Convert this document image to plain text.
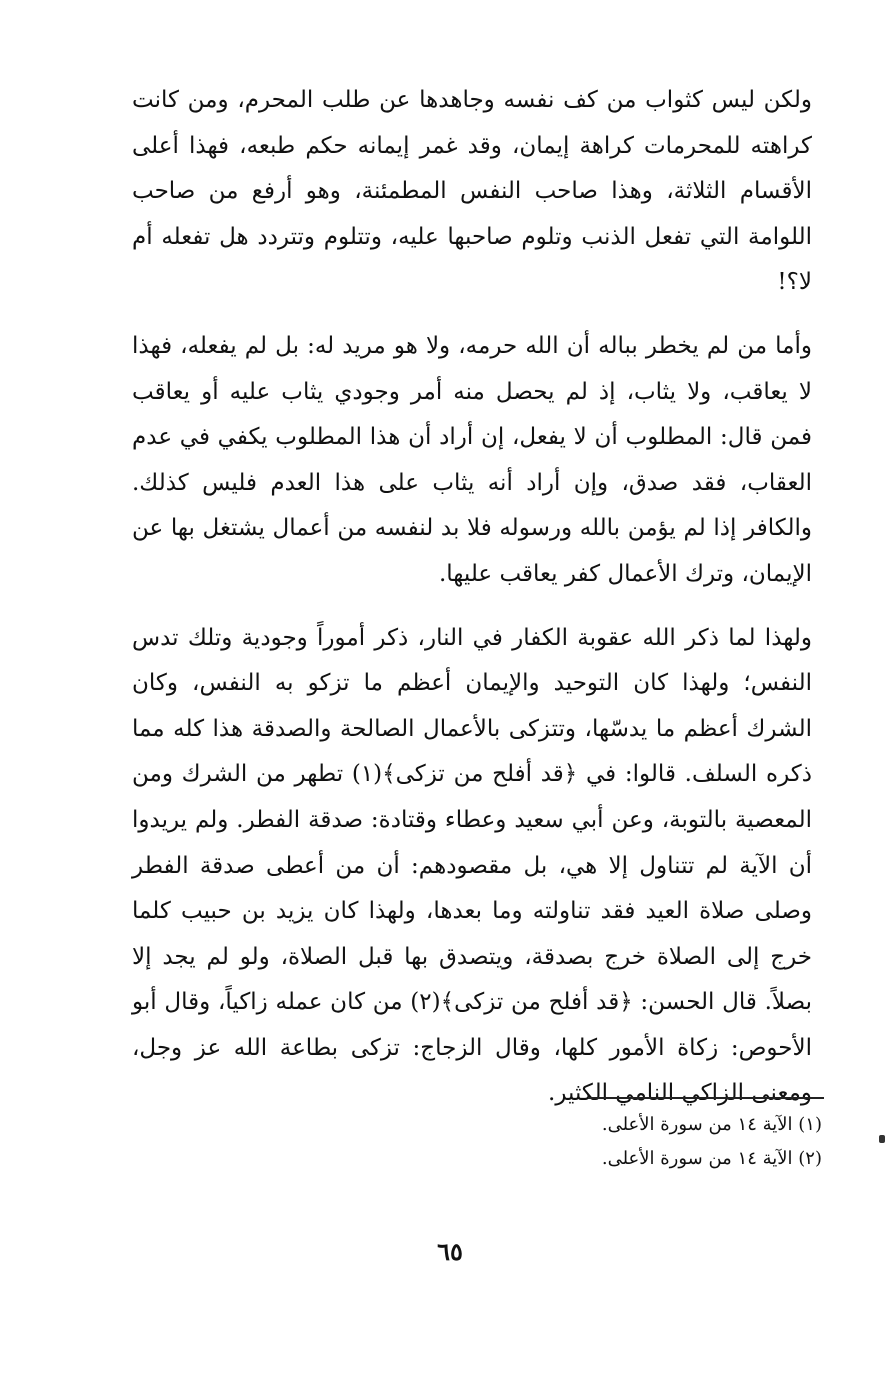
ولكن ليس كثواب من كف نفسه وجاهدها عن طلب المحرم، ومن كانت كراهته للمحرمات كراهة إيمان، وقد غمر إيمانه حكم طبعه، فهذا أعلى الأقسام الثلاثة، وهذا صاحب النفس المطمئنة، وهو أرفع من صاحب اللوامة التي تفعل الذنب وتلوم صاحبها عليه، وتتلوم وتتردد هل تفعله أم لا؟!

وأما من لم يخطر بباله أن الله حرمه، ولا هو مريد له: بل لم يفعله، فهذا لا يعاقب، ولا يثاب، إذ لم يحصل منه أمر وجودي يثاب عليه أو يعاقب فمن قال: المطلوب أن لا يفعل، إن أراد أن هذا المطلوب يكفي في عدم العقاب، فقد صدق، وإن أراد أنه يثاب على هذا العدم فليس كذلك. والكافر إذا لم يؤمن بالله ورسوله فلا بد لنفسه من أعمال يشتغل بها عن الإيمان، وترك الأعمال كفر يعاقب عليها.

ولهذا لما ذكر الله عقوبة الكفار في النار، ذكر أموراً وجودية وتلك تدس النفس؛ ولهذا كان التوحيد والإيمان أعظم ما تزكو به النفس، وكان الشرك أعظم ما يدسّها، وتتزكى بالأعمال الصالحة والصدقة هذا كله مما ذكره السلف. قالوا: في ﴿قد أفلح من تزكى﴾(١) تطهر من الشرك ومن المعصية بالتوبة، وعن أبي سعيد وعطاء وقتادة: صدقة الفطر. ولم يريدوا أن الآية لم تتناول إلا هي، بل مقصودهم: أن من أعطى صدقة الفطر وصلى صلاة العيد فقد تناولته وما بعدها، ولهذا كان يزيد بن حبيب كلما خرج إلى الصلاة خرج بصدقة، ويتصدق بها قبل الصلاة، ولو لم يجد إلا بصلاً. قال الحسن: ﴿قد أفلح من تزكى﴾(٢) من كان عمله زاكياً، وقال أبو الأحوص: زكاة الأمور كلها، وقال الزجاج: تزكى بطاعة الله عز وجل، ومعنى الزاكي النامي الكثير.

(١) الآية ١٤ من سورة الأعلى.
(٢) الآية ١٤ من سورة الأعلى.
٦٥
